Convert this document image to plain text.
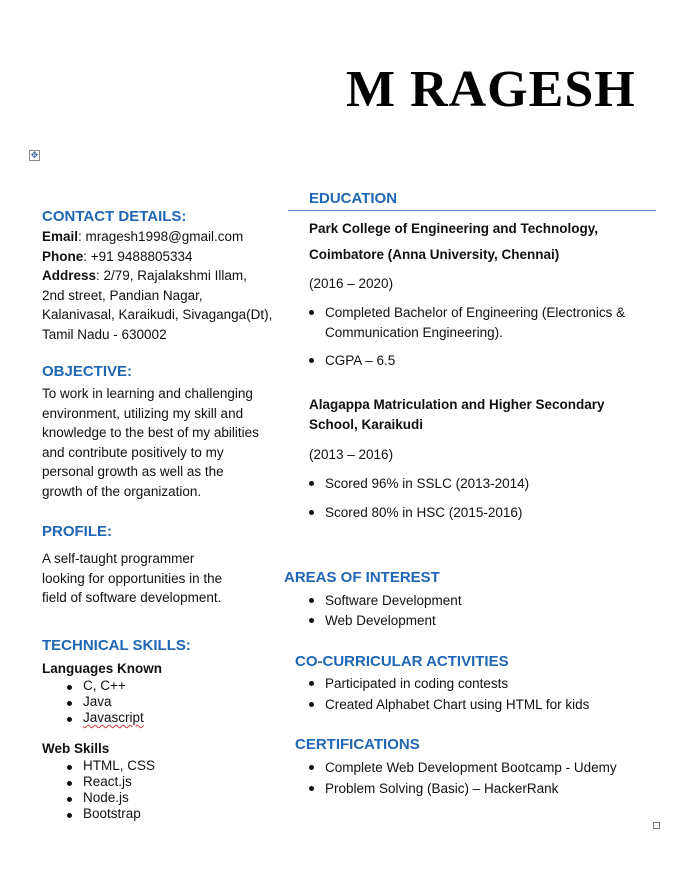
M RAGESH
✥
CONTACT DETAILS:
Email: mragesh1998@gmail.com
Phone: +91 9488805334
Address: 2/79, Rajalakshmi Illam,
2nd street, Pandian Nagar,
Kalanivasal, Karaikudi, Sivaganga(Dt),
Tamil Nadu - 630002
OBJECTIVE:
To work in learning and challenging
environment, utilizing my skill and
knowledge to the best of my abilities
and contribute positively to my
personal growth as well as the
growth of the organization.
PROFILE:
A self-taught programmer
looking for opportunities in the
field of software development.
TECHNICAL SKILLS:
Languages Known
C, C++
Java
Javascript
Web Skills
HTML, CSS
React.js
Node.js
Bootstrap
EDUCATION
Park College of Engineering and Technology,
Coimbatore (Anna University, Chennai)
(2016 – 2020)
Completed Bachelor of Engineering (Electronics & Communication Engineering).
CGPA – 6.5
Alagappa Matriculation and Higher Secondary
School, Karaikudi
(2013 – 2016)
Scored 96% in SSLC (2013-2014)
Scored 80% in HSC (2015-2016)
AREAS OF INTEREST
Software Development
Web Development
CO-CURRICULAR ACTIVITIES
Participated in coding contests
Created Alphabet Chart using HTML for kids
CERTIFICATIONS
Complete Web Development Bootcamp - Udemy
Problem Solving (Basic) – HackerRank
